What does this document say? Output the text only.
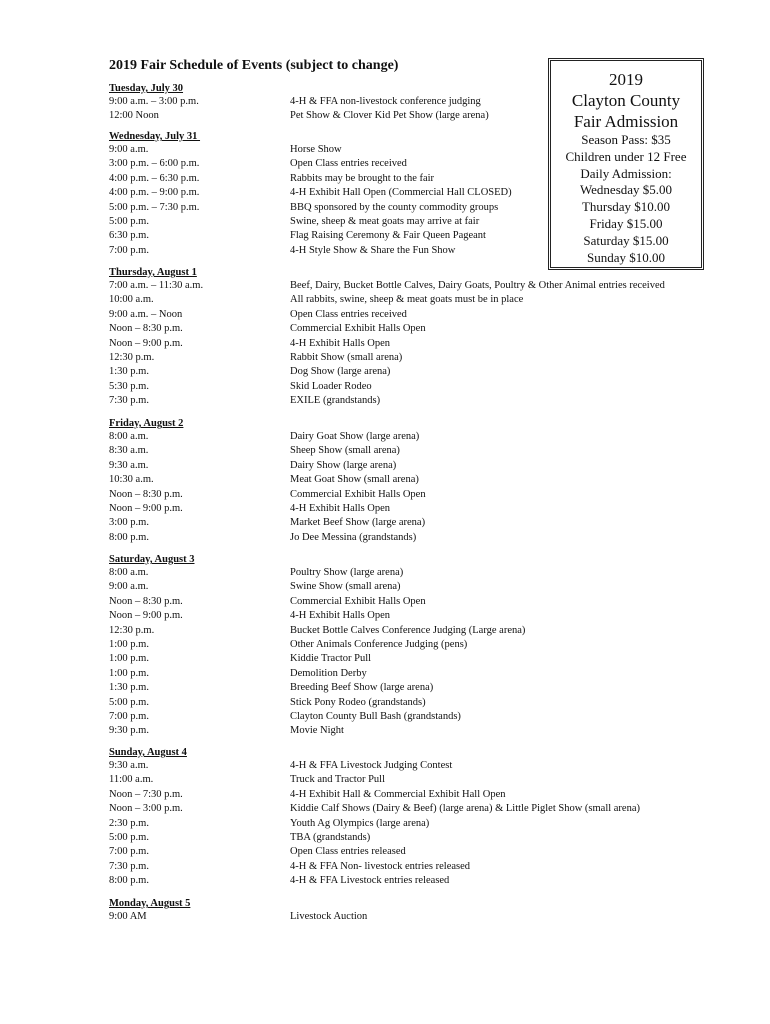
2019 Fair Schedule of Events (subject to change)
2019
Clayton County
Fair Admission
Season Pass: $35
Children under 12 Free
Daily Admission:
Wednesday $5.00
Thursday $10.00
Friday $15.00
Saturday $15.00
Sunday $10.00
Tuesday, July 30
9:00 a.m. – 3:00 p.m.	4-H & FFA non-livestock conference judging
12:00 Noon	Pet Show & Clover Kid Pet Show (large arena)
Wednesday, July 31
9:00 a.m.	Horse Show
3:00 p.m. – 6:00 p.m.	Open Class entries received
4:00 p.m. – 6:30 p.m.	Rabbits may be brought to the fair
4:00 p.m. – 9:00 p.m.	4-H Exhibit Hall Open (Commercial Hall CLOSED)
5:00 p.m. – 7:30 p.m.	BBQ sponsored by the county commodity groups
5:00 p.m.	Swine, sheep & meat goats may arrive at fair
6:30 p.m.	Flag Raising Ceremony & Fair Queen Pageant
7:00 p.m.	4-H Style Show & Share the Fun Show
Thursday, August 1
7:00 a.m. – 11:30 a.m.	Beef, Dairy, Bucket Bottle Calves, Dairy Goats, Poultry & Other Animal entries received
10:00 a.m.	All rabbits, swine, sheep & meat goats must be in place
9:00 a.m. – Noon	Open Class entries received
Noon – 8:30 p.m.	Commercial Exhibit Halls Open
Noon – 9:00 p.m.	4-H Exhibit Halls Open
12:30 p.m.	Rabbit Show (small arena)
1:30 p.m.	Dog Show (large arena)
5:30 p.m.	Skid Loader Rodeo
7:30 p.m.	EXILE (grandstands)
Friday, August 2
8:00 a.m.	Dairy Goat Show (large arena)
8:30 a.m.	Sheep Show (small arena)
9:30 a.m.	Dairy Show (large arena)
10:30 a.m.	Meat Goat Show (small arena)
Noon – 8:30 p.m.	Commercial Exhibit Halls Open
Noon – 9:00 p.m.	4-H Exhibit Halls Open
3:00 p.m.	Market Beef Show (large arena)
8:00 p.m.	Jo Dee Messina (grandstands)
Saturday, August 3
8:00 a.m.	Poultry Show (large arena)
9:00 a.m.	Swine Show (small arena)
Noon – 8:30 p.m.	Commercial Exhibit Halls Open
Noon – 9:00 p.m.	4-H Exhibit Halls Open
12:30 p.m.	Bucket Bottle Calves Conference Judging (Large arena)
1:00 p.m.	Other Animals Conference Judging (pens)
1:00 p.m.	Kiddie Tractor Pull
1:00 p.m.	Demolition Derby
1:30 p.m.	Breeding Beef Show (large arena)
5:00 p.m.	Stick Pony Rodeo (grandstands)
7:00 p.m.	Clayton County Bull Bash (grandstands)
9:30 p.m.	Movie Night
Sunday, August 4
9:30 a.m.	4-H & FFA Livestock Judging Contest
11:00 a.m.	Truck and Tractor Pull
Noon – 7:30 p.m.	4-H Exhibit Hall & Commercial Exhibit Hall Open
Noon – 3:00 p.m.	Kiddie Calf Shows (Dairy & Beef) (large arena) & Little Piglet Show (small arena)
2:30 p.m.	Youth Ag Olympics (large arena)
5:00 p.m.	TBA (grandstands)
7:00 p.m.	Open Class entries released
7:30 p.m.	4-H & FFA Non- livestock entries released
8:00 p.m.	4-H & FFA Livestock entries released
Monday, August 5
9:00 AM	Livestock Auction
